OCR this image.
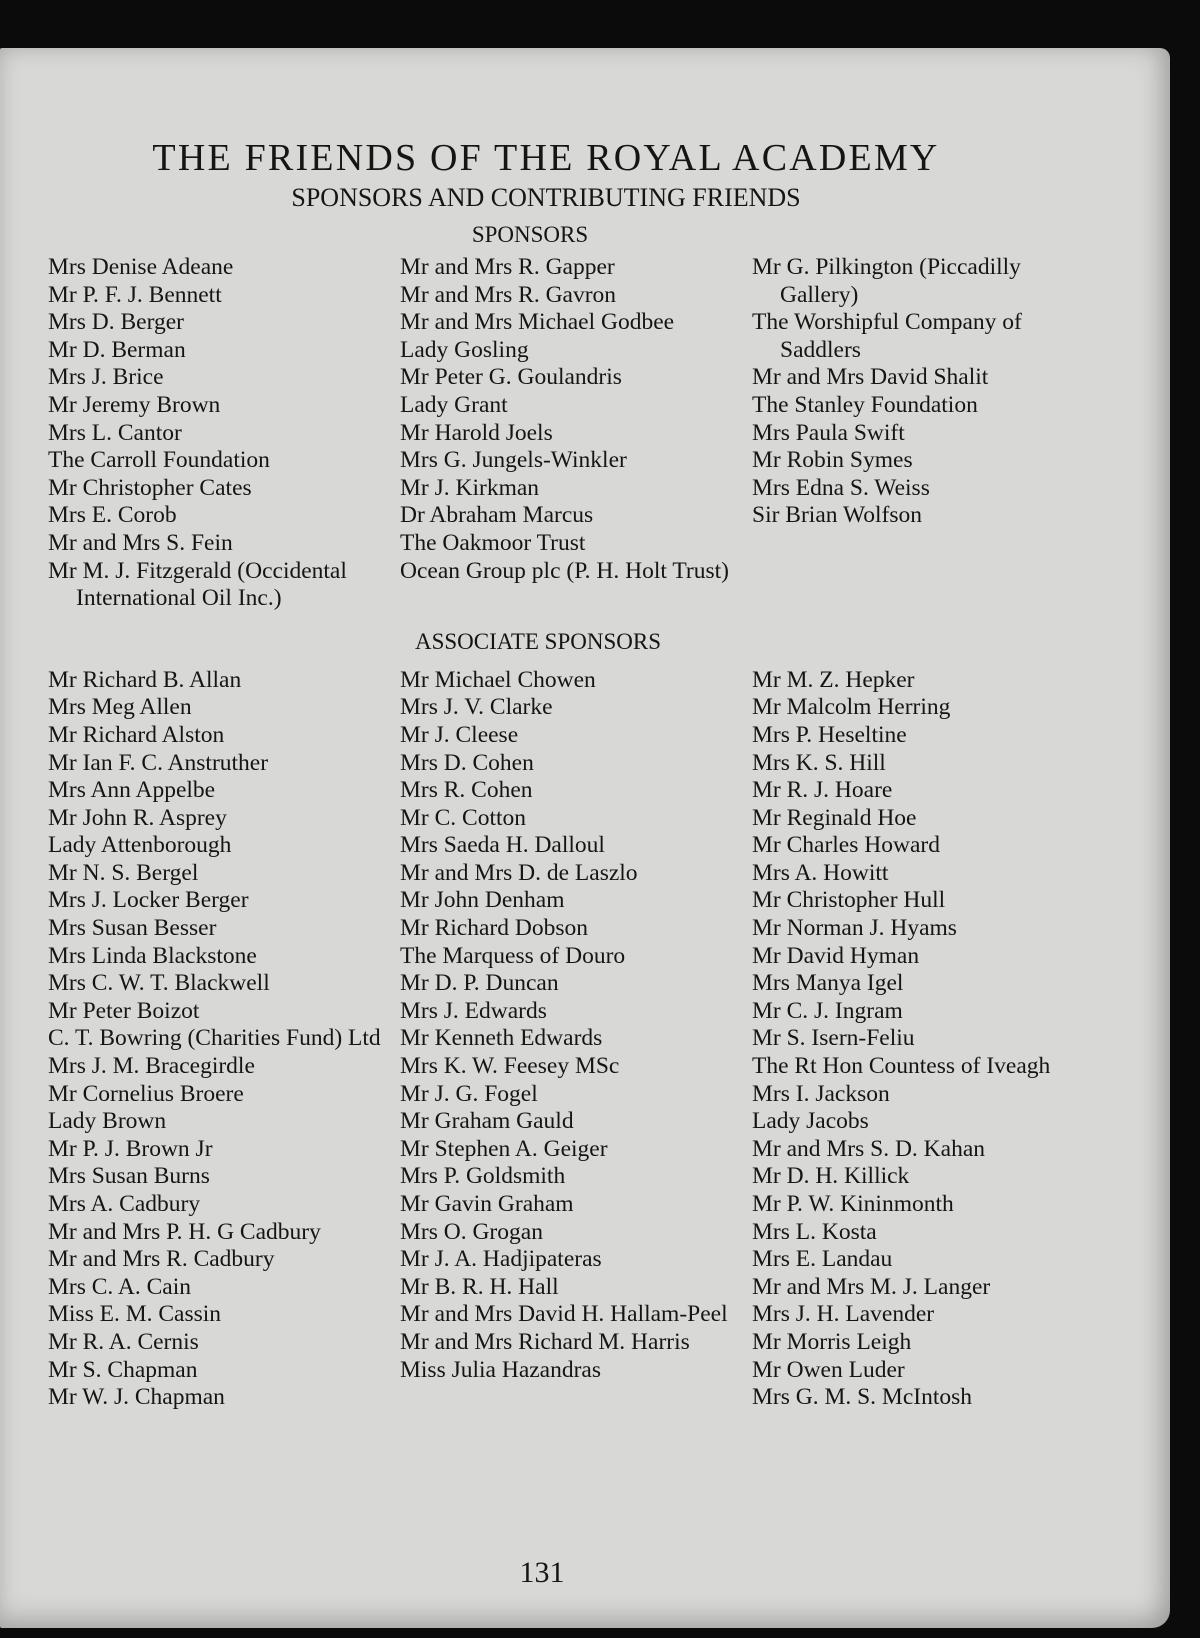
THE FRIENDS OF THE ROYAL ACADEMY
SPONSORS AND CONTRIBUTING FRIENDS
SPONSORS
Mrs Denise Adeane
Mr P. F. J. Bennett
Mrs D. Berger
Mr D. Berman
Mrs J. Brice
Mr Jeremy Brown
Mrs L. Cantor
The Carroll Foundation
Mr Christopher Cates
Mrs E. Corob
Mr and Mrs S. Fein
Mr M. J. Fitzgerald (Occidental International Oil Inc.)
Mr and Mrs R. Gapper
Mr and Mrs R. Gavron
Mr and Mrs Michael Godbee
Lady Gosling
Mr Peter G. Goulandris
Lady Grant
Mr Harold Joels
Mrs G. Jungels-Winkler
Mr J. Kirkman
Dr Abraham Marcus
The Oakmoor Trust
Ocean Group plc (P. H. Holt Trust)
Mr G. Pilkington (Piccadilly Gallery)
The Worshipful Company of Saddlers
Mr and Mrs David Shalit
The Stanley Foundation
Mrs Paula Swift
Mr Robin Symes
Mrs Edna S. Weiss
Sir Brian Wolfson
ASSOCIATE SPONSORS
Mr Richard B. Allan
Mrs Meg Allen
Mr Richard Alston
Mr Ian F. C. Anstruther
Mrs Ann Appelbe
Mr John R. Asprey
Lady Attenborough
Mr N. S. Bergel
Mrs J. Locker Berger
Mrs Susan Besser
Mrs Linda Blackstone
Mrs C. W. T. Blackwell
Mr Peter Boizot
C. T. Bowring (Charities Fund) Ltd
Mrs J. M. Bracegirdle
Mr Cornelius Broere
Lady Brown
Mr P. J. Brown Jr
Mrs Susan Burns
Mrs A. Cadbury
Mr and Mrs P. H. G Cadbury
Mr and Mrs R. Cadbury
Mrs C. A. Cain
Miss E. M. Cassin
Mr R. A. Cernis
Mr S. Chapman
Mr W. J. Chapman
Mr Michael Chowen
Mrs J. V. Clarke
Mr J. Cleese
Mrs D. Cohen
Mrs R. Cohen
Mr C. Cotton
Mrs Saeda H. Dalloul
Mr and Mrs D. de Laszlo
Mr John Denham
Mr Richard Dobson
The Marquess of Douro
Mr D. P. Duncan
Mrs J. Edwards
Mr Kenneth Edwards
Mrs K. W. Feesey MSc
Mr J. G. Fogel
Mr Graham Gauld
Mr Stephen A. Geiger
Mrs P. Goldsmith
Mr Gavin Graham
Mrs O. Grogan
Mr J. A. Hadjipateras
Mr B. R. H. Hall
Mr and Mrs David H. Hallam-Peel
Mr and Mrs Richard M. Harris
Miss Julia Hazandras
Mr M. Z. Hepker
Mr Malcolm Herring
Mrs P. Heseltine
Mrs K. S. Hill
Mr R. J. Hoare
Mr Reginald Hoe
Mr Charles Howard
Mrs A. Howitt
Mr Christopher Hull
Mr Norman J. Hyams
Mr David Hyman
Mrs Manya Igel
Mr C. J. Ingram
Mr S. Isern-Feliu
The Rt Hon Countess of Iveagh
Mrs I. Jackson
Lady Jacobs
Mr and Mrs S. D. Kahan
Mr D. H. Killick
Mr P. W. Kininmonth
Mrs L. Kosta
Mrs E. Landau
Mr and Mrs M. J. Langer
Mrs J. H. Lavender
Mr Morris Leigh
Mr Owen Luder
Mrs G. M. S. McIntosh
131
